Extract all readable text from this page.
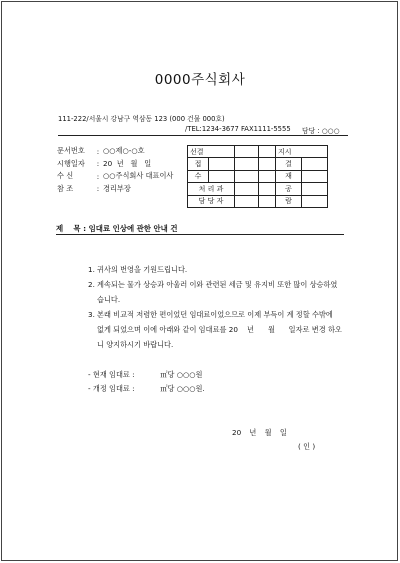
0000주식회사
111-222/서울시 강남구 역삼동 123 (000 건물 000호)
/TEL:1234-3677 FAX1111-5555 담당 : ○○○
문서번호	: ○○제○-○호
시행일자	: 20  년   월   일
수 신	: ○○주식회사 대표이사
참 조	: 경리부장
선결				지시	
접				결	
수				재	
처 리 과				공	
담 당 자				람	
제    목 : 임대료 인상에 관한 안내 건
1. 귀사의 번영을 기원드립니다.
2. 계속되는 물가 상승과 아울러 이와 관련된 세금 및 유지비 또한 많이 상승하였습니다.
3. 본래 비교적 저렴한 편이었던 임대료이었으므로 이제 부득이 계 정할 수밖에 없게 되었으며 이에 아래와 같이 임대료를 20    년 　  월      일자로 변경 하오니 양지하시기 바랍니다.
- 현재 임대료 :	㎡당 ○○○원
- 개정 임대료 :	㎡당 ○○○원.
20 년 월 일
( 인 )
